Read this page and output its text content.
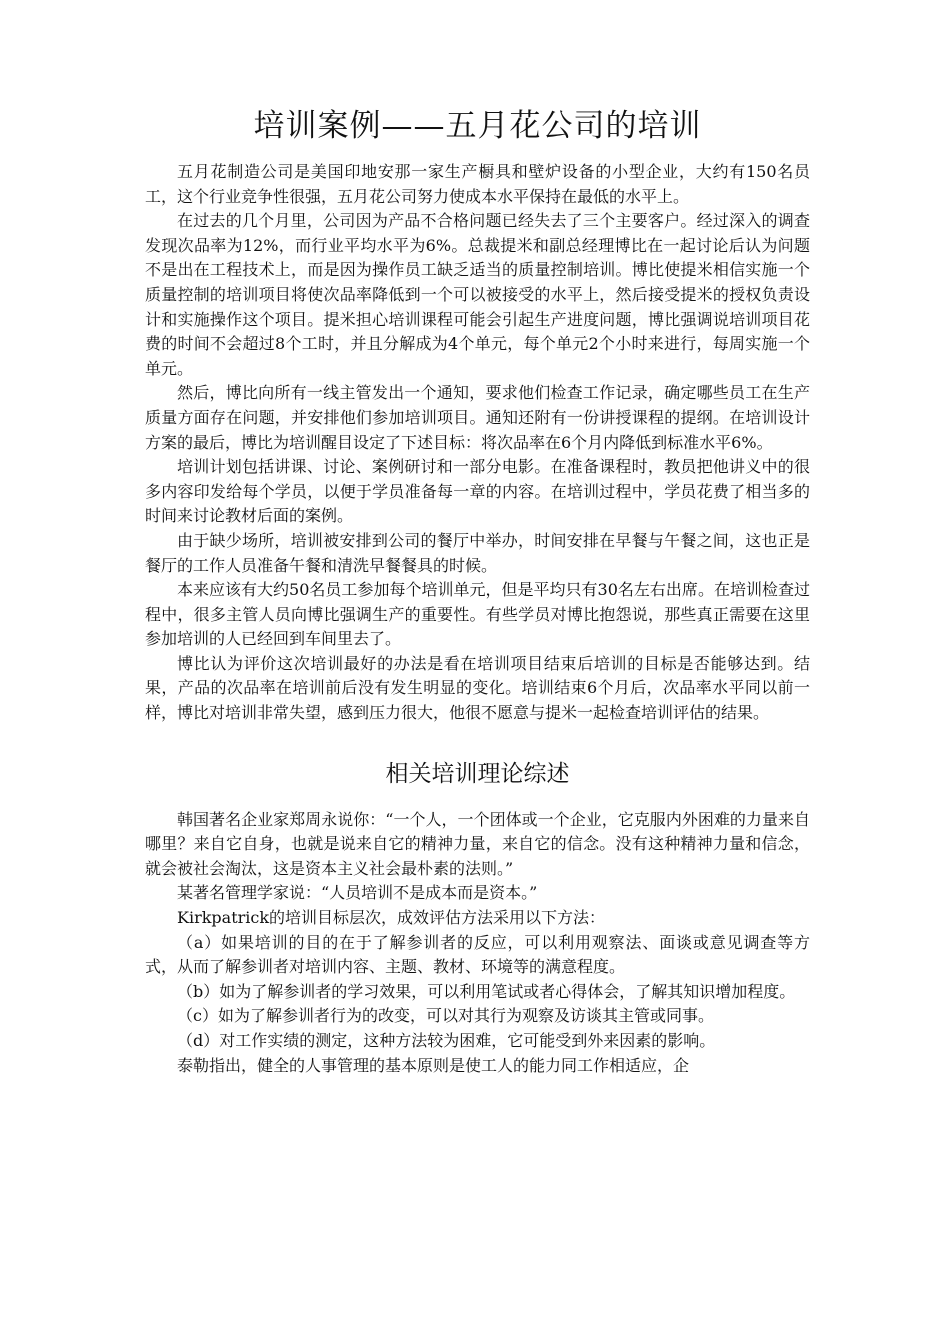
培训案例——五月花公司的培训

五月花制造公司是美国印地安那一家生产橱具和壁炉设备的小型企业，大约有150名员工，这个行业竞争性很强，五月花公司努力使成本水平保持在最低的水平上。

在过去的几个月里，公司因为产品不合格问题已经失去了三个主要客户。经过深入的调查发现次品率为12%，而行业平均水平为6%。总裁提米和副总经理博比在一起讨论后认为问题不是出在工程技术上，而是因为操作员工缺乏适当的质量控制培训。博比使提米相信实施一个质量控制的培训项目将使次品率降低到一个可以被接受的水平上，然后接受提米的授权负责设计和实施操作这个项目。提米担心培训课程可能会引起生产进度问题，博比强调说培训项目花费的时间不会超过8个工时，并且分解成为4个单元，每个单元2个小时来进行，每周实施一个单元。

然后，博比向所有一线主管发出一个通知，要求他们检查工作记录，确定哪些员工在生产质量方面存在问题，并安排他们参加培训项目。通知还附有一份讲授课程的提纲。在培训设计方案的最后，博比为培训醒目设定了下述目标：将次品率在6个月内降低到标准水平6%。

培训计划包括讲课、讨论、案例研讨和一部分电影。在准备课程时，教员把他讲义中的很多内容印发给每个学员，以便于学员准备每一章的内容。在培训过程中，学员花费了相当多的时间来讨论教材后面的案例。

由于缺少场所，培训被安排到公司的餐厅中举办，时间安排在早餐与午餐之间，这也正是餐厅的工作人员准备午餐和清洗早餐餐具的时候。

本来应该有大约50名员工参加每个培训单元，但是平均只有30名左右出席。在培训检查过程中，很多主管人员向博比强调生产的重要性。有些学员对博比抱怨说，那些真正需要在这里参加培训的人已经回到车间里去了。

博比认为评价这次培训最好的办法是看在培训项目结束后培训的目标是否能够达到。结果，产品的次品率在培训前后没有发生明显的变化。培训结束6个月后，次品率水平同以前一样，博比对培训非常失望，感到压力很大，他很不愿意与提米一起检查培训评估的结果。

相关培训理论综述

韩国著名企业家郑周永说你：“一个人，一个团体或一个企业，它克服内外困难的力量来自哪里？来自它自身，也就是说来自它的精神力量，来自它的信念。没有这种精神力量和信念，就会被社会淘汰，这是资本主义社会最朴素的法则。”

某著名管理学家说：“人员培训不是成本而是资本。”

Kirkpatrick的培训目标层次，成效评估方法采用以下方法：

（a）如果培训的目的在于了解参训者的反应，可以利用观察法、面谈或意见调查等方式，从而了解参训者对培训内容、主题、教材、环境等的满意程度。

（b）如为了解参训者的学习效果，可以利用笔试或者心得体会，了解其知识增加程度。

（c）如为了解参训者行为的改变，可以对其行为观察及访谈其主管或同事。

（d）对工作实绩的测定，这种方法较为困难，它可能受到外来因素的影响。

泰勒指出，健全的人事管理的基本原则是使工人的能力同工作相适应，企
